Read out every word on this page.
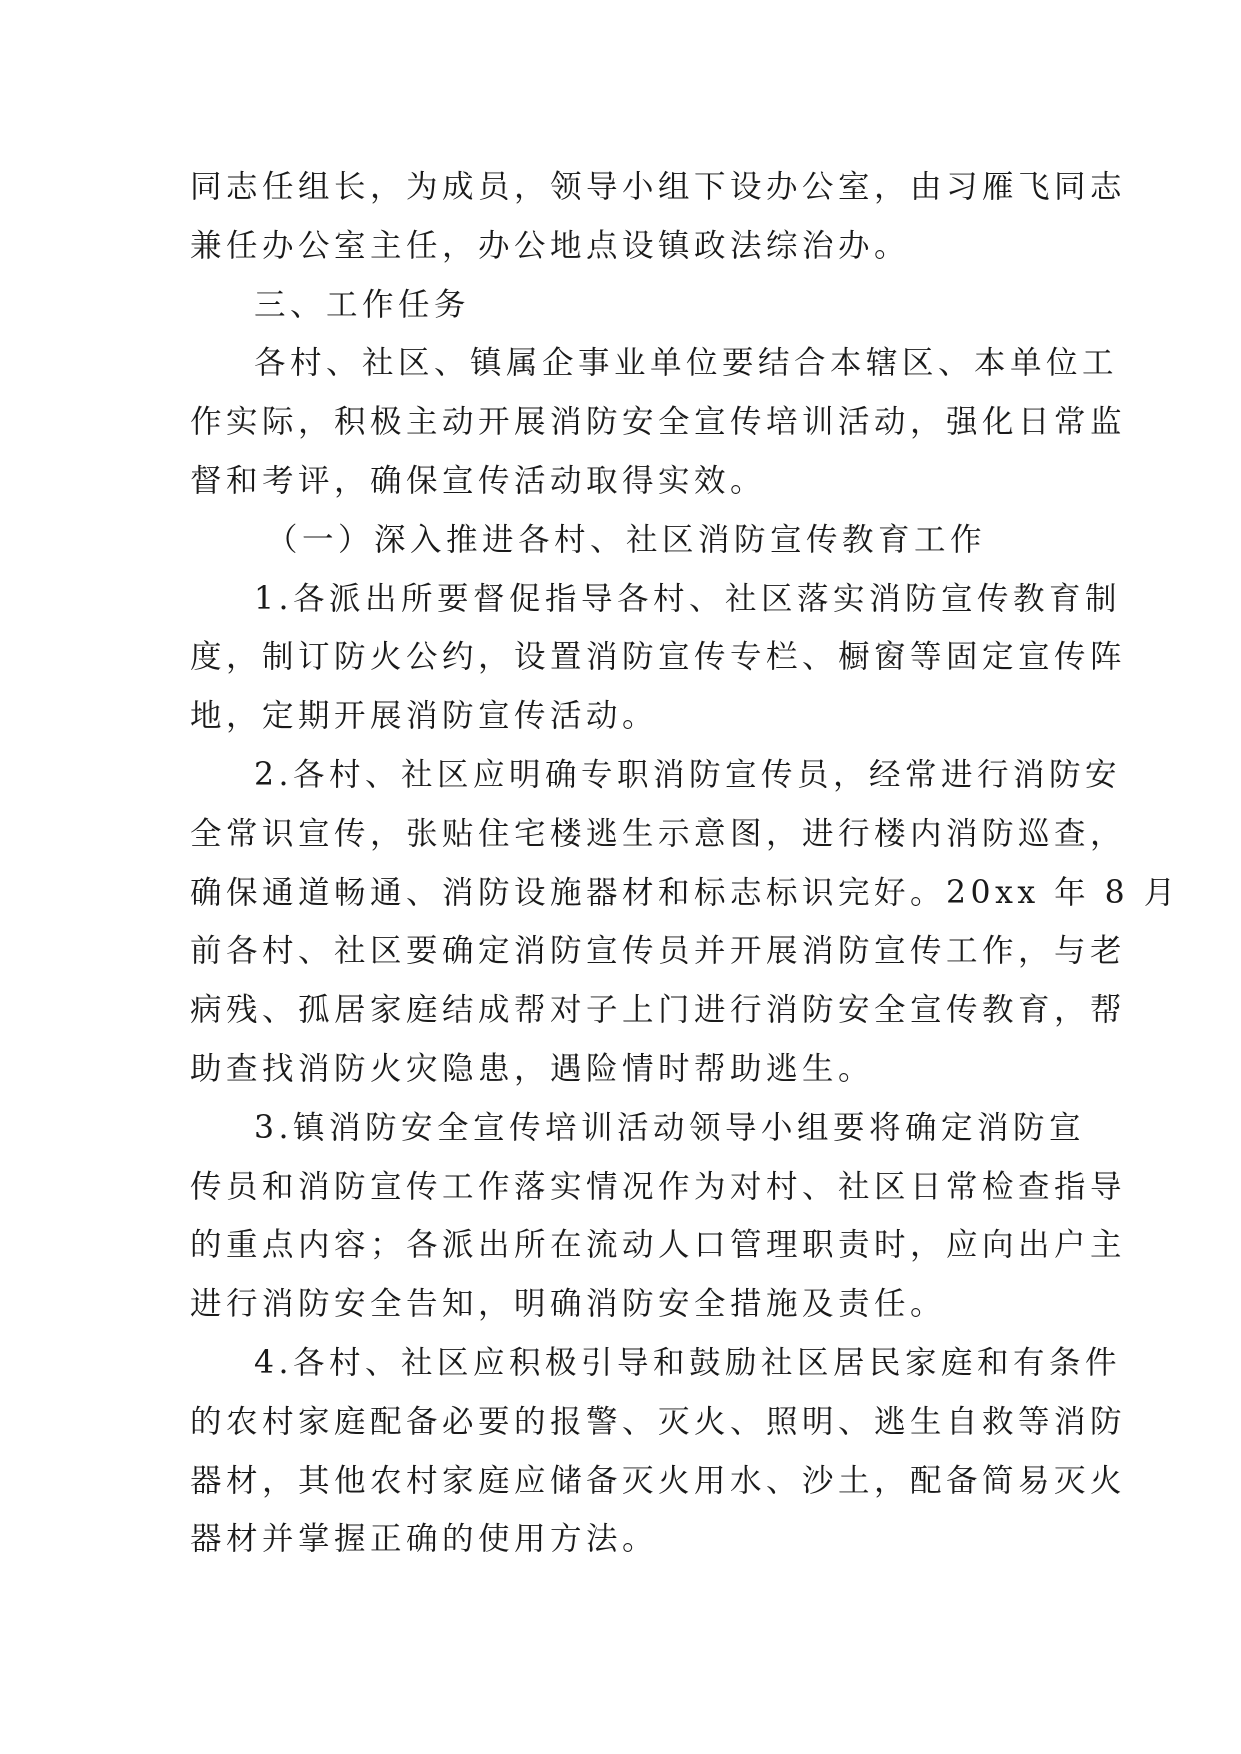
同志任组长，为成员，领导小组下设办公室，由习雁飞同志
兼任办公室主任，办公地点设镇政法综治办。

三、工作任务

各村、社区、镇属企事业单位要结合本辖区、本单位工
作实际，积极主动开展消防安全宣传培训活动，强化日常监
督和考评，确保宣传活动取得实效。

（一）深入推进各村、社区消防宣传教育工作

1.各派出所要督促指导各村、社区落实消防宣传教育制
度，制订防火公约，设置消防宣传专栏、橱窗等固定宣传阵
地，定期开展消防宣传活动。

2.各村、社区应明确专职消防宣传员，经常进行消防安
全常识宣传，张贴住宅楼逃生示意图，进行楼内消防巡查，
确保通道畅通、消防设施器材和标志标识完好。20xx 年 8 月
前各村、社区要确定消防宣传员并开展消防宣传工作，与老
病残、孤居家庭结成帮对子上门进行消防安全宣传教育，帮
助查找消防火灾隐患，遇险情时帮助逃生。

3.镇消防安全宣传培训活动领导小组要将确定消防宣
传员和消防宣传工作落实情况作为对村、社区日常检查指导
的重点内容；各派出所在流动人口管理职责时，应向出户主
进行消防安全告知，明确消防安全措施及责任。

4.各村、社区应积极引导和鼓励社区居民家庭和有条件
的农村家庭配备必要的报警、灭火、照明、逃生自救等消防
器材，其他农村家庭应储备灭火用水、沙土，配备简易灭火
器材并掌握正确的使用方法。
